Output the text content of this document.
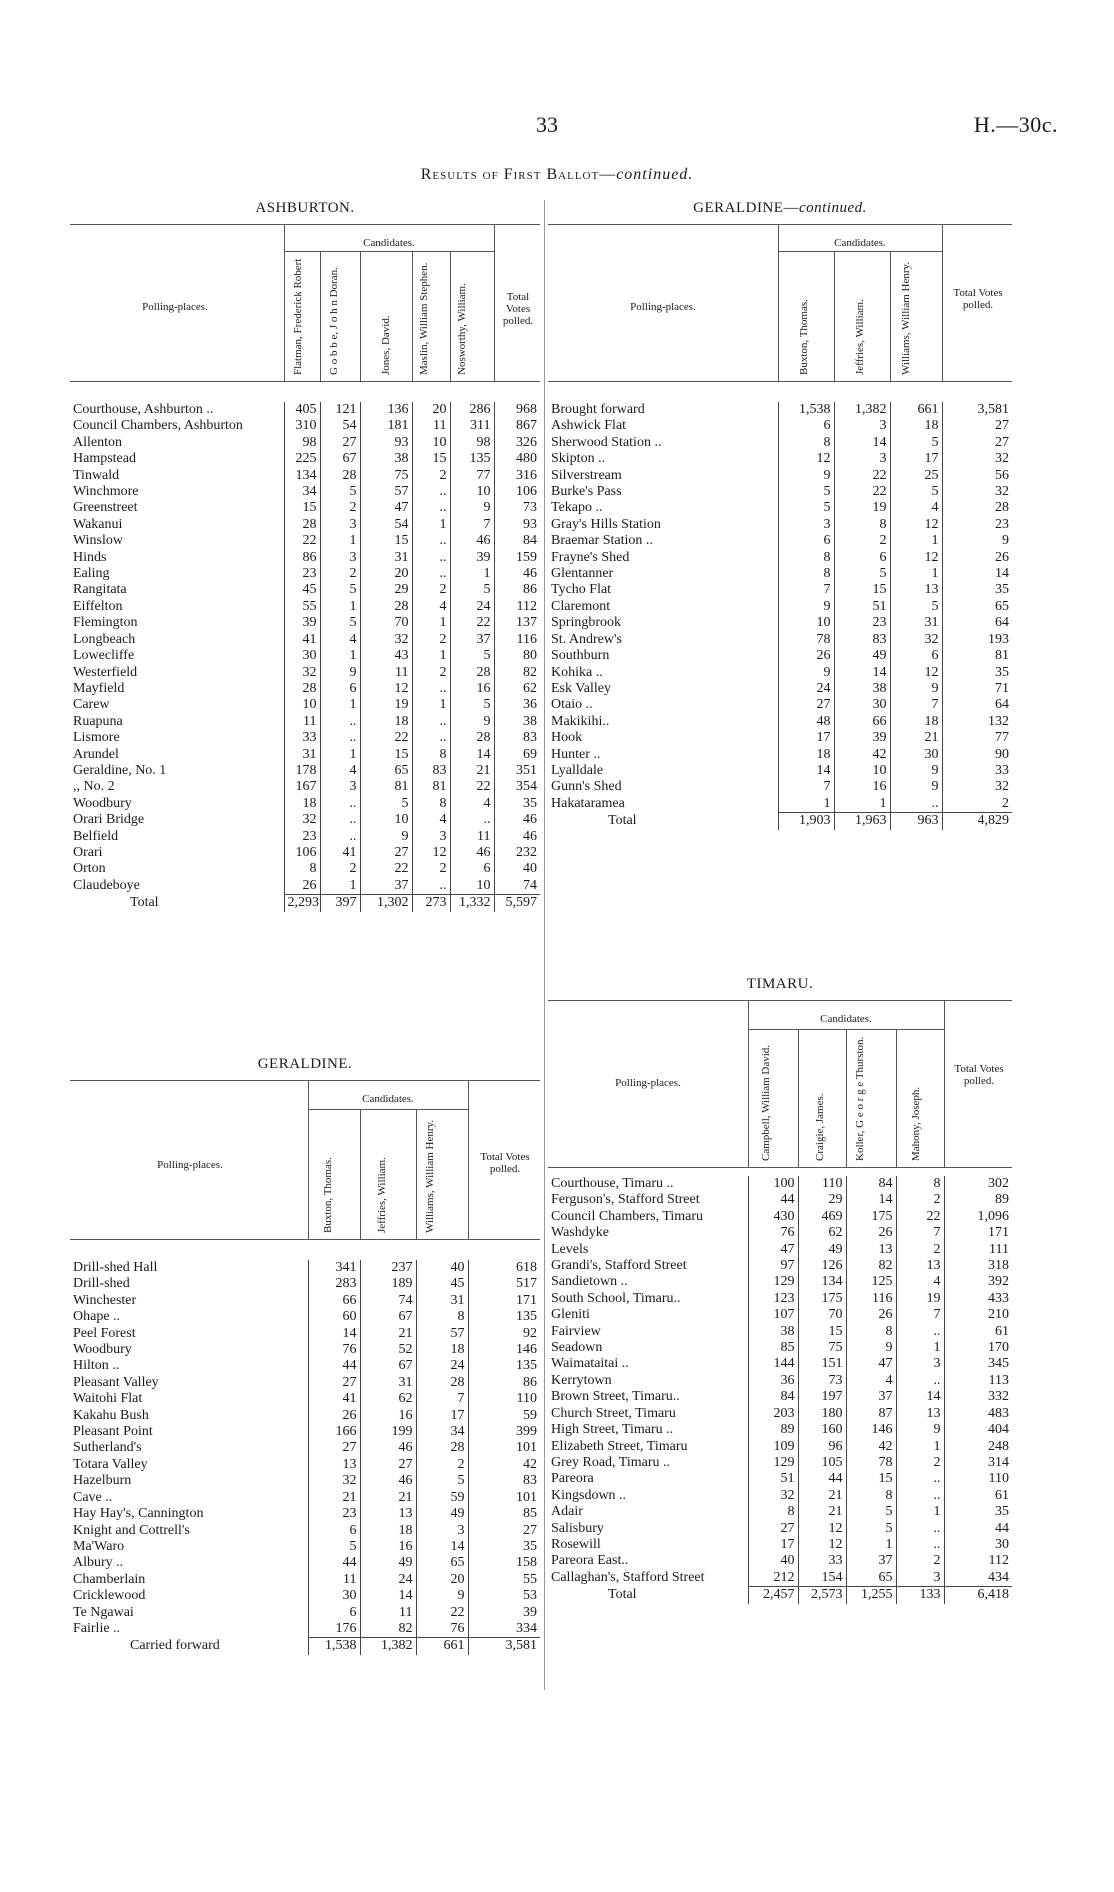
33	H.—30c.
Results of First Ballot—continued.
ASHBURTON.
Polling-places.
Candidates.
Flatman, Frederick Robert G o b b e, J o h n Doran.	Jones, David. Maslin, William Stephen. Nosworthy, William.	Total Votes polled.
Courthouse, Ashburton ..	405	121	136	20	286	968
Council Chambers, Ashburton	310	54	181	11	311	867
Allenton	98	27	93	10	98	326
Hampstead	225	67	38	15	135	480
Tinwald	134	28	75	2	77	316
Winchmore	34	5	57	..	10	106
Greenstreet	15	2	47	..	9	73
Wakanui	28	3	54	1	7	93
Winslow	22	1	15	..	46	84
Hinds	86	3	31	..	39	159
Ealing	23	2	20	..	1	46
Rangitata	45	5	29	2	5	86
Eiffelton	55	1	28	4	24	112
Flemington	39	5	70	1	22	137
Longbeach	41	4	32	2	37	116
Lowecliffe	30	1	43	1	5	80
Westerfield	32	9	11	2	28	82
Mayfield	28	6	12	..	16	62
Carew	10	1	19	1	5	36
Ruapuna	11	..	18	..	9	38
Lismore	33	..	22	..	28	83
Arundel	31	1	15	8	14	69
Geraldine, No. 1	178	4	65	83	21	351
,, No. 2	167	3	81	81	22	354
Woodbury	18	..	5	8	4	35
Orari Bridge	32	..	10	4	..	46
Belfield	23	..	9	3	11	46
Orari	106	41	27	12	46	232
Orton	8	2	22	2	6	40
Claudeboye	26	1	37	..	10	74
Total	2,293	397	1,302	273	1,332	5,597
GERALDINE.
Polling-places.
Candidates.
Buxton, Thomas.	Jeffries, William.	Williams, William Henry.	Total Votes polled.
Drill-shed Hall	341	237	40	618
Drill-shed	283	189	45	517
Winchester	66	74	31	171
Ohape ..	60	67	8	135
Peel Forest	14	21	57	92
Woodbury	76	52	18	146
Hilton ..	44	67	24	135
Pleasant Valley	27	31	28	86
Waitohi Flat	41	62	7	110
Kakahu Bush	26	16	17	59
Pleasant Point	166	199	34	399
Sutherland's	27	46	28	101
Totara Valley	13	27	2	42
Hazelburn	32	46	5	83
Cave ..	21	21	59	101
Hay Hay's, Cannington	23	13	49	85
Knight and Cottrell's	6	18	3	27
Ma'Waro	5	16	14	35
Albury ..	44	49	65	158
Chamberlain	11	24	20	55
Cricklewood	30	14	9	53
Te Ngawai	6	11	22	39
Fairlie ..	176	82	76	334
Carried forward	1,538	1,382	661	3,581
GERALDINE—continued.
Polling-places.
Candidates.
Buxton, Thomas.	Jeffries, William.	Williams, William Henry.	Total Votes polled.
Brought forward	1,538	1,382	661	3,581
Ashwick Flat	6	3	18	27
Sherwood Station ..	8	14	5	27
Skipton ..	12	3	17	32
Silverstream	9	22	25	56
Burke's Pass	5	22	5	32
Tekapo ..	5	19	4	28
Gray's Hills Station	3	8	12	23
Braemar Station ..	6	2	1	9
Frayne's Shed	8	6	12	26
Glentanner	8	5	1	14
Tycho Flat	7	15	13	35
Claremont	9	51	5	65
Springbrook	10	23	31	64
St. Andrew's	78	83	32	193
Southburn	26	49	6	81
Kohika ..	9	14	12	35
Esk Valley	24	38	9	71
Otaio ..	27	30	7	64
Makikihi..	48	66	18	132
Hook	17	39	21	77
Hunter ..	18	42	30	90
Lyalldale	14	10	9	33
Gunn's Shed	7	16	9	32
Hakataramea	1	1	..	2
Total	1,903	1,963	963	4,829
TIMARU.
Polling-places.
Candidates.
Campbell, William David.	Craigie, James.	Koller, G e o r g e Thurston.	Mahony, Joseph.
Total Votes polled.
Courthouse, Timaru ..	100	110	84	8	302
Ferguson's, Stafford Street	44	29	14	2	89
Council Chambers, Timaru	430	469	175	22	1,096
Washdyke	76	62	26	7	171
Levels	47	49	13	2	111
Grandi's, Stafford Street	97	126	82	13	318
Sandietown ..	129	134	125	4	392
South School, Timaru..	123	175	116	19	433
Gleniti	107	70	26	7	210
Fairview	38	15	8	..	61
Seadown	85	75	9	1	170
Waimataitai ..	144	151	47	3	345
Kerrytown	36	73	4	..	113
Brown Street, Timaru..	84	197	37	14	332
Church Street, Timaru	203	180	87	13	483
High Street, Timaru ..	89	160	146	9	404
Elizabeth Street, Timaru	109	96	42	1	248
Grey Road, Timaru ..	129	105	78	2	314
Pareora	51	44	15	..	110
Kingsdown ..	32	21	8	..	61
Adair	8	21	5	1	35
Salisbury	27	12	5	..	44
Rosewill	17	12	1	..	30
Pareora East..	40	33	37	2	112
Callaghan's, Stafford Street	212	154	65	3	434
Total	2,457	2,573	1,255	133	6,418
